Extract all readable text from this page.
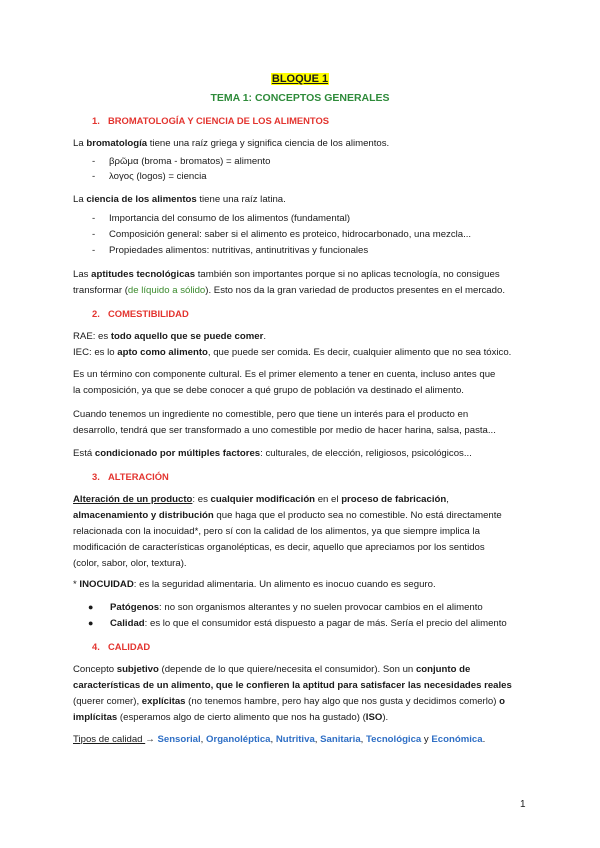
BLOQUE 1
TEMA 1: CONCEPTOS GENERALES
1. BROMATOLOGÍA Y CIENCIA DE LOS ALIMENTOS
La bromatología tiene una raíz griega y significa ciencia de los alimentos.
- βρῶμα (broma - bromatos) = alimento
- λογος (logos) = ciencia
La ciencia de los alimentos tiene una raíz latina.
- Importancia del consumo de los alimentos (fundamental)
- Composición general: saber si el alimento es proteico, hidrocarbonado, una mezcla...
- Propiedades alimentos: nutritivas, antinutritivas y funcionales
Las aptitudes tecnológicas también son importantes porque si no aplicas tecnología, no consigues
transformar (de líquido a sólido). Esto nos da la gran variedad de productos presentes en el mercado.
2. COMESTIBILIDAD
RAE: es todo aquello que se puede comer.
IEC: es lo apto como alimento, que puede ser comida. Es decir, cualquier alimento que no sea tóxico.
Es un término con componente cultural. Es el primer elemento a tener en cuenta, incluso antes que
la composición, ya que se debe conocer a qué grupo de población va destinado el alimento.
Cuando tenemos un ingrediente no comestible, pero que tiene un interés para el producto en
desarrollo, tendrá que ser transformado a uno comestible por medio de hacer harina, salsa, pasta...
Está condicionado por múltiples factores: culturales, de elección, religiosos, psicológicos...
3. ALTERACIÓN
Alteración de un producto: es cualquier modificación en el proceso de fabricación,
almacenamiento y distribución que haga que el producto sea no comestible. No está directamente
relacionada con la inocuidad*, pero sí con la calidad de los alimentos, ya que siempre implica la
modificación de características organolépticas, es decir, aquello que apreciamos por los sentidos
(color, sabor, olor, textura).
* INOCUIDAD: es la seguridad alimentaria. Un alimento es inocuo cuando es seguro.
● Patógenos: no son organismos alterantes y no suelen provocar cambios en el alimento
● Calidad: es lo que el consumidor está dispuesto a pagar de más. Sería el precio del alimento
4. CALIDAD
Concepto subjetivo (depende de lo que quiere/necesita el consumidor). Son un conjunto de
características de un alimento, que le confieren la aptitud para satisfacer las necesidades reales
(querer comer), explícitas (no tenemos hambre, pero hay algo que nos gusta y decidimos comerlo) o
implícitas (esperamos algo de cierto alimento que nos ha gustado) (ISO).
Tipos de calidad → Sensorial, Organoléptica, Nutritiva, Sanitaria, Tecnológica y Económica.
1
